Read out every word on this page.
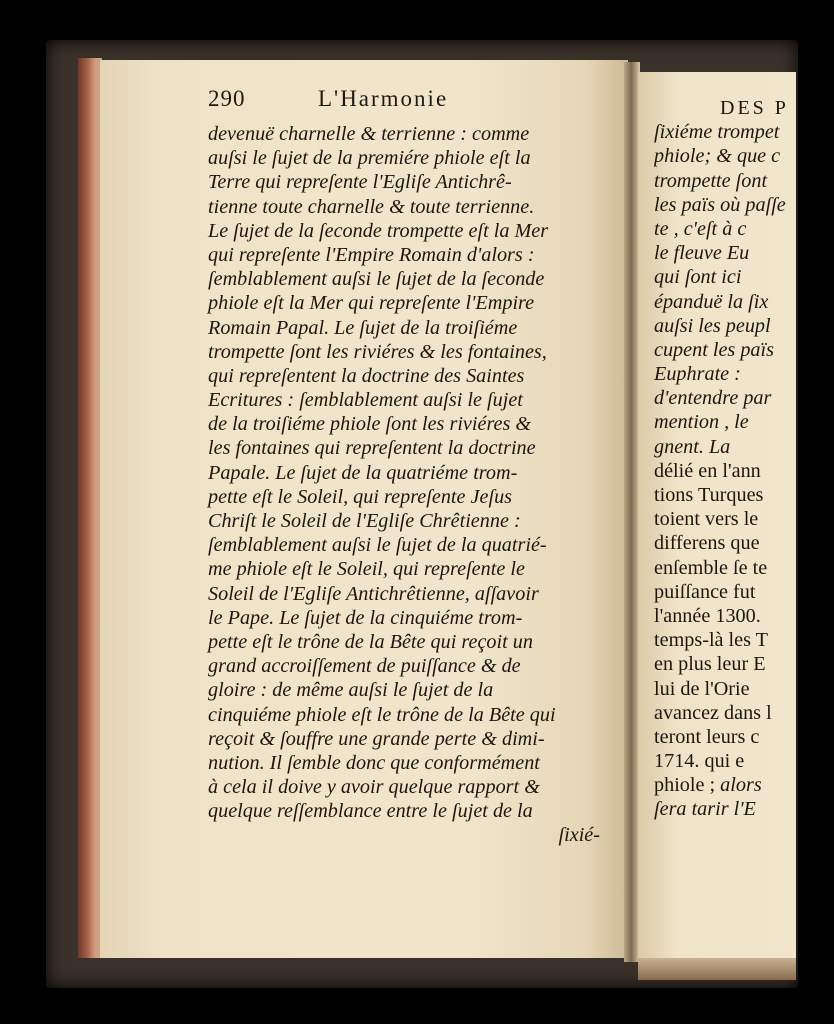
290	L'Harmonie
devenuë charnelle & terrienne : comme
auſsi le ſujet de la premiére phiole eſt la
Terre qui repreſente l'Egliſe Antichrê-
tienne toute charnelle & toute terrienne.
Le ſujet de la ſeconde trompette eſt la Mer
qui repreſente l'Empire Romain d'alors :
ſemblablement auſsi le ſujet de la ſeconde
phiole eſt la Mer qui repreſente l'Empire
Romain Papal. Le ſujet de la troiſiéme
trompette ſont les riviéres & les fontaines,
qui repreſentent la doctrine des Saintes
Ecritures : ſemblablement auſsi le ſujet
de la troiſiéme phiole ſont les riviéres &
les fontaines qui repreſentent la doctrine
Papale. Le ſujet de la quatriéme trom-
pette eſt le Soleil, qui repreſente Jeſus
Chriſt le Soleil de l'Egliſe Chrêtienne :
ſemblablement auſsi le ſujet de la quatrié-
me phiole eſt le Soleil, qui repreſente le
Soleil de l'Egliſe Antichrêtienne, aſſavoir
le Pape. Le ſujet de la cinquiéme trom-
pette eſt le trône de la Bête qui reçoit un
grand accroiſſement de puiſſance & de
gloire : de même auſsi le ſujet de la
cinquiéme phiole eſt le trône de la Bête qui
reçoit & ſouffre une grande perte & dimi-
nution. Il ſemble donc que conformément
à cela il doive y avoir quelque rapport &
quelque reſſemblance entre le ſujet de la
ſixié-
DES P
ſixiéme trompet
phiole; & que c
trompette ſont
les païs où paſſe
te , c'eſt à c
le fleuve Eu
qui ſont ici
épanduë la ſix
auſsi les peupl
cupent les païs
Euphrate :
d'entendre par
mention , le
gnent. La
délié en l'ann
tions Turques
toient vers le
differens que
enſemble ſe te
puiſſance fut
l'année 1300.
temps-là les T
en plus leur E
lui de l'Orie
avancez dans l
teront leurs c
1714. qui e
phiole ; alors
ſera tarir l'E
